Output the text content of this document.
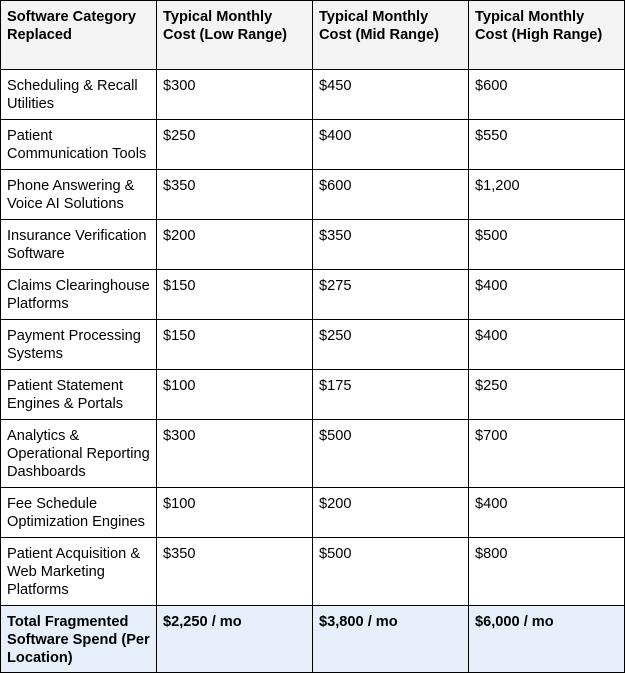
Software Category Replaced	Typical Monthly Cost (Low Range)	Typical Monthly Cost (Mid Range)	Typical Monthly Cost (High Range)
Scheduling & Recall Utilities	$300	$450	$600
Patient Communication Tools	$250	$400	$550
Phone Answering & Voice AI Solutions	$350	$600	$1,200
Insurance Verification Software	$200	$350	$500
Claims Clearinghouse Platforms	$150	$275	$400
Payment Processing Systems	$150	$250	$400
Patient Statement Engines & Portals	$100	$175	$250
Analytics & Operational Reporting Dashboards	$300	$500	$700
Fee Schedule Optimization Engines	$100	$200	$400
Patient Acquisition & Web Marketing Platforms	$350	$500	$800
Total Fragmented Software Spend (Per Location)	$2,250 / mo	$3,800 / mo	$6,000 / mo
